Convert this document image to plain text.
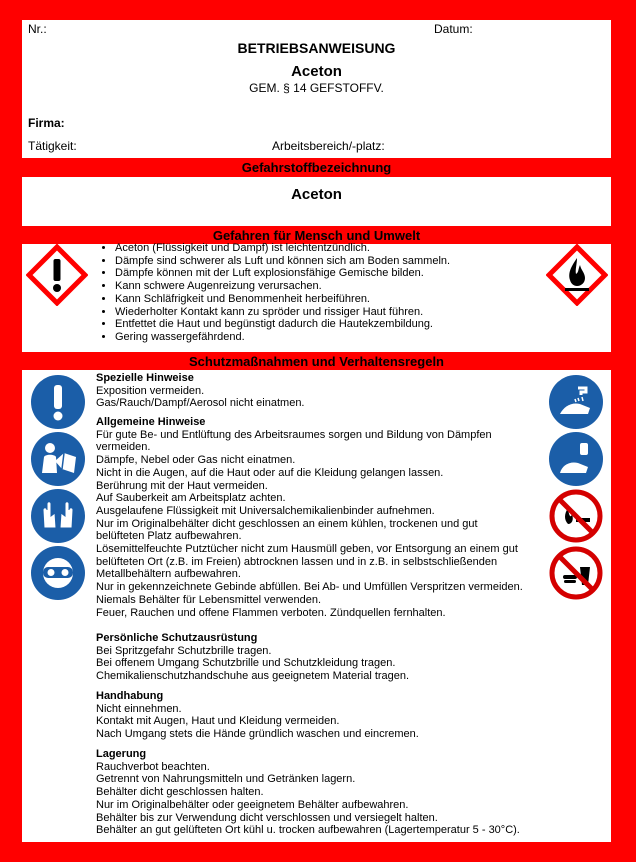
Nr.:	Datum:
BETRIEBSANWEISUNG
Aceton
GEM. § 14 GEFSTOFFV.
Firma:
Tätigkeit:	Arbeitsbereich/-platz:
Gefahrstoffbezeichnung
Aceton
Gefahren für Mensch und Umwelt
• Aceton (Flüssigkeit und Dampf) ist leichtentzündlich.
• Dämpfe sind schwerer als Luft und können sich am Boden sammeln.
• Dämpfe können mit der Luft explosionsfähige Gemische bilden.
• Kann schwere Augenreizung verursachen.
• Kann Schläfrigkeit und Benommenheit herbeiführen.
• Wiederholter Kontakt kann zu spröder und rissiger Haut führen.
• Entfettet die Haut und begünstigt dadurch die Hautekzembildung.
• Gering wassergefährdend.
Schutzmaßnahmen und Verhaltensregeln
Spezielle Hinweise
Exposition vermeiden.
Gas/Rauch/Dampf/Aerosol nicht einatmen.
Allgemeine Hinweise
Für gute Be- und Entlüftung des Arbeitsraumes sorgen und Bildung von Dämpfen
vermeiden.
Dämpfe, Nebel oder Gas nicht einatmen.
Nicht in die Augen, auf die Haut oder auf die Kleidung gelangen lassen.
Berührung mit der Haut vermeiden.
Auf Sauberkeit am Arbeitsplatz achten.
Ausgelaufene Flüssigkeit mit Universalchemikalienbinder aufnehmen.
Nur im Originalbehälter dicht geschlossen an einem kühlen, trockenen und gut
belüfteten Platz aufbewahren.
Lösemittelfeuchte Putztücher nicht zum Hausmüll geben, vor Entsorgung an einem gut
belüfteten Ort (z.B. im Freien) abtrocknen lassen und in z.B. in selbstschließenden
Metallbehältern aufbewahren.
Nur in gekennzeichnete Gebinde abfüllen. Bei Ab- und Umfüllen Verspritzen vermeiden.
Niemals Behälter für Lebensmittel verwenden.
Feuer, Rauchen und offene Flammen verboten. Zündquellen fernhalten.
Persönliche Schutzausrüstung
Bei Spritzgefahr Schutzbrille tragen.
Bei offenem Umgang Schutzbrille und Schutzkleidung tragen.
Chemikalienschutzhandschuhe aus geeignetem Material tragen.
Handhabung
Nicht einnehmen.
Kontakt mit Augen, Haut und Kleidung vermeiden.
Nach Umgang stets die Hände gründlich waschen und eincremen.
Lagerung
Rauchverbot beachten.
Getrennt von Nahrungsmitteln und Getränken lagern.
Behälter dicht geschlossen halten.
Nur im Originalbehälter oder geeignetem Behälter aufbewahren.
Behälter bis zur Verwendung dicht verschlossen und versiegelt halten.
Behälter an gut gelüfteten Ort kühl u. trocken aufbewahren (Lagertemperatur 5 - 30°C).
